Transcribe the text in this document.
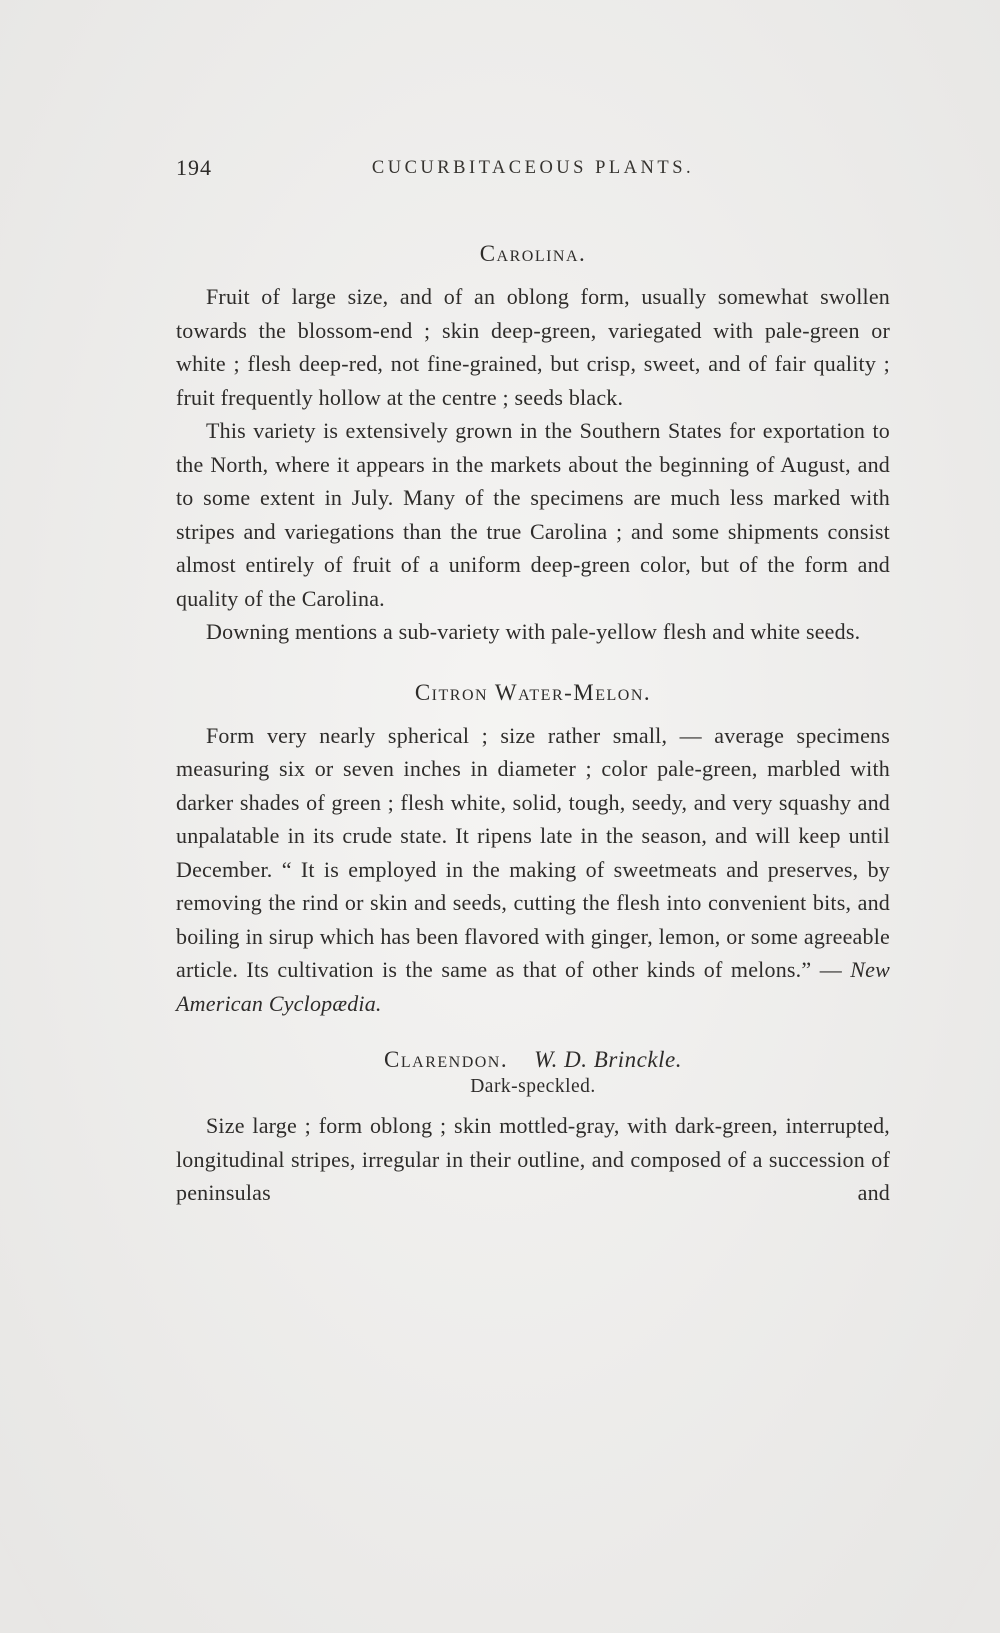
194	CUCURBITACEOUS PLANTS.
Carolina.

Fruit of large size, and of an oblong form, usually somewhat swollen towards the blossom-end ; skin deep-green, variegated with pale-green or white ; flesh deep-red, not fine-grained, but crisp, sweet, and of fair quality ; fruit frequently hollow at the centre ; seeds black.

This variety is extensively grown in the Southern States for exportation to the North, where it appears in the markets about the beginning of August, and to some extent in July. Many of the specimens are much less marked with stripes and variegations than the true Carolina ; and some shipments consist almost entirely of fruit of a uniform deep-green color, but of the form and quality of the Carolina.

Downing mentions a sub-variety with pale-yellow flesh and white seeds.

Citron Water-Melon.

Form very nearly spherical ; size rather small, — average specimens measuring six or seven inches in diameter ; color pale-green, marbled with darker shades of green ; flesh white, solid, tough, seedy, and very squashy and unpalatable in its crude state. It ripens late in the season, and will keep until December. “ It is employed in the making of sweetmeats and preserves, by removing the rind or skin and seeds, cutting the flesh into convenient bits, and boiling in sirup which has been flavored with ginger, lemon, or some agreeable article. Its cultivation is the same as that of other kinds of melons.” — New American Cyclopædia.

Clarendon. W. D. Brinckle.
Dark-speckled.

Size large ; form oblong ; skin mottled-gray, with dark-green, interrupted, longitudinal stripes, irregular in their outline, and composed of a succession of peninsulas and
